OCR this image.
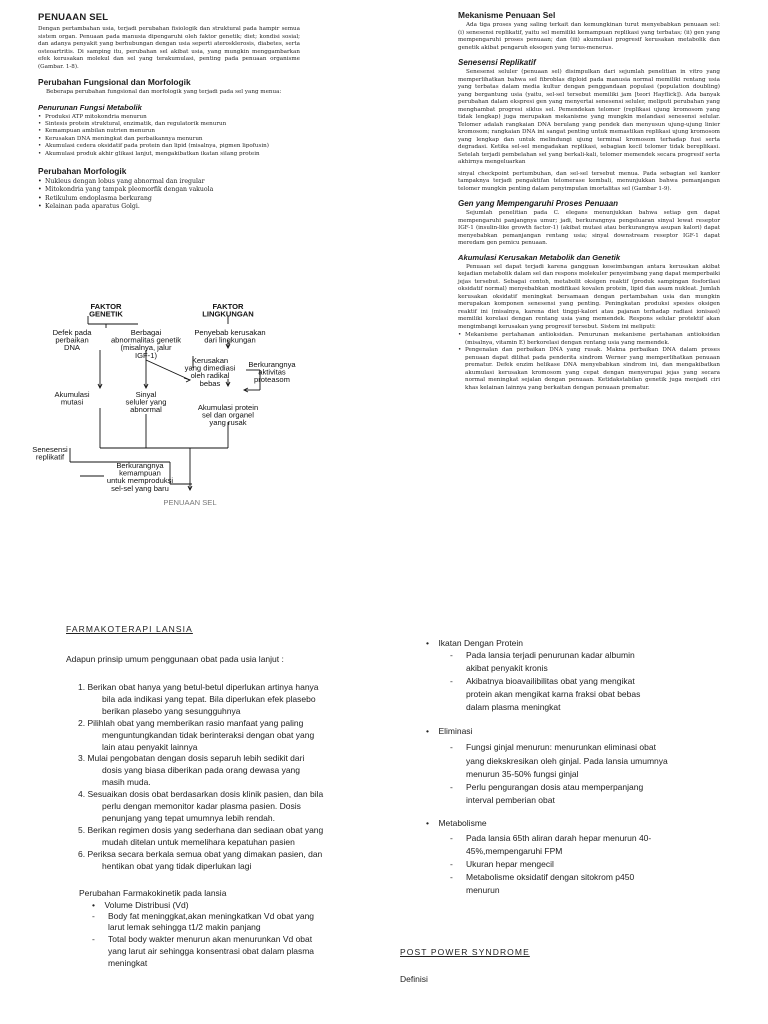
PENUAAN SEL
Dengan pertambahan usia, terjadi perubahan fisiologik dan struktural pada hampir semua sistem organ. Penuaan pada manusia dipengaruhi oleh faktor genetik; diet; kondisi sosial; dan adanya penyakit yang berhubungan dengan usia seperti aterosklerosis, diabetes, serta osteoartritis. Di samping itu, perubahan sel akibat usia, yang mungkin menggambarkan efek kerusakan molekul dan sel yang terakumulasi, penting pada penuaan organisme (Gambar. 1-8).
Perubahan Fungsional dan Morfologik
Beberapa perubahan fungsional dan morfologik yang terjadi pada sel yang menua:
Penurunan Fungsi Metabolik
• Produksi ATP mitokondria menurun
• Sintesis protein struktural, enzimatik, dan regulatorik menurun
• Kemampuan ambilan nutrien menurun
• Kerusakan DNA meningkat dan perbaikannya menurun
• Akumulasi cedera oksidatif pada protein dan lipid (misalnya, pigmen lipofusin)
• Akumulasi produk akhir glikasi lanjut, mengakibatkan ikatan silang protein
Perubahan Morfologik
• Nukleus dengan lobus yang abnormal dan iregular
• Mitokondria yang tampak pleomorfik dengan vakuola
• Retikulum endoplasma berkurang
• Kelainan pada aparatus Golgi.
FAKTOR GENETIK
FAKTOR LINGKUNGAN
Defek pada perbaikan DNA
Berbagai abnormalitas genetik (misalnya, jalur IGF-1)
Penyebab kerusakan dari lingkungan
Kerusakan yang dimediasi oleh radikal bebas
Berkurangnya aktivitas proteasom
Akumulasi mutasi
Sinyal seluler yang abnormal	Akumulasi protein sel dan organel yang rusak
Senesensi replikatif
Berkurangnya kemampuan untuk memproduksi sel-sel yang baru
PENUAAN SEL
Mekanisme Penuaan Sel
Ada tiga proses yang saling terkait dan kemungkinan turut menyebabkan penuaan sel: (i) senesensi replikatif, yaitu sel memiliki kemampuan replikasi yang terbatas; (ii) gen yang mempengaruhi proses penuaan; dan (iii) akumulasi progresif kerusakan metabolik dan genetik akibat pengaruh eksogen yang terus-menerus.
Senesensi Replikatif
Senesensi seluler (penuaan sel) disimpulkan dari sejumlah penelitian in vitro yang memperlihatkan bahwa sel fibroblas diploid pada manusia normal memiliki rentang usia yang terbatas dalam media kultur dengan penggandaan populasi (population doubling) yang bergantung usia (yaitu, sel-sel tersebut memiliki jam [teori Hayflick]). Ada banyak perubahan dalam ekspresi gen yang menyertai senesensi seluler, meliputi perubahan yang menghambat progresi siklus sel. Pemendekan telomer (replikasi ujung kromosom yang tidak lengkap) juga merupakan mekanisme yang mungkin melandasi senesensi selular. Telomer adalah rangkaian DNA berulang yang pendek dan menyusun ujung-ujung linier kromosom; rangkaian DNA ini sangat penting untuk memastikan replikasi ujung kromosom yang lengkap dan untuk melindungi ujung terminal kromosom terhadap fusi serta degradasi. Ketika sel-sel mengadakan replikasi, sebagian kecil telomer tidak bereplikasi. Setelah terjadi pembelahan sel yang berkali-kali, telomer memendek secara progresif serta akhirnya mengeluarkan
sinyal checkpoint pertumbuhan, dan sel-sel tersebut menua. Pada sebagian sel kanker tampaknya terjadi pengaktifan telomerase kembali, menunjukkan bahwa pemanjangan telomer mungkin penting dalam penyimpulan imortalitas sel (Gambar 1-9).
Gen yang Mempengaruhi Proses Penuaan
Sejumlah penelitian pada C. elegans menunjukkan bahwa setiap gen dapat mempengaruhi panjangnya umur; jadi, berkurangnya pengeluaran sinyal lewat reseptor IGF-1 (insulin-like growth factor-1) (akibat mutasi atau berkurangnya asupan kalori) dapat menyebabkan pemanjangan rentang usia; sinyal downstream reseptor IGF-1 dapat meredam gen pemicu penuaan.
Akumulasi Kerusakan Metabolik dan Genetik
Penuaan sel dapat terjadi karena gangguan keseimbangan antara kerusakan akibat kejadian metabolik dalam sel dan respons molekuler penyeimbang yang dapat memperbaiki jejas tersebut. Sebagai contoh, metabolit oksigen reaktif (produk sampingan fosforilasi oksidatif normal) menyebabkan modifikasi kovalen protein, lipid dan asam nukleat. Jumlah kerusakan oksidatif meningkat bersamaan dengan pertambahan usia dan mungkin merupakan komponen senesensi yang penting. Peningkatan produksi spesies oksigen reaktif ini (misalnya, karena diet tinggi-kalori atau pajanan terhadap radiasi ionisasi) memiliki korelasi dengan rentang usia yang memendek. Respons selular protektif akan mengimbangi kerusakan yang progresif tersebut. Sistem ini meliputi:
• Mekanisme pertahanan antioksidan. Penurunan mekanisme pertahanan antioksidan (misalnya, vitamin E) berkorelasi dengan rentang usia yang memendek.
• Pengenalan dan perbaikan DNA yang rusak. Makna perbaikan DNA dalam proses penuaan dapat dilihat pada penderita sindrom Werner yang memperlihatkan penuaan prematur. Defek enzim helikase DNA menyebabkan sindrom ini, dan mengakibatkan akumulasi kerusakan kromosom yang cepat dengan menyerupai jejas yang secara normal meningkat sejalan dengan penuaan. Ketidakstabilan genetik juga menjadi ciri khas kelainan lainnya yang berkaitan dengan penuaan prematur.
FARMAKOTERAPI LANSIA
Adapun prinsip umum penggunaan obat pada usia lanjut :
1. Berikan obat hanya yang betul-betul diperlukan artinya hanya
bila ada indikasi yang tepat. Bila diperlukan efek plasebo
berikan plasebo yang sesungguhnya
2. Pilihlah obat yang memberikan rasio manfaat yang paling
menguntungkandan tidak berinteraksi dengan obat yang
lain atau penyakit lainnya
3. Mulai pengobatan dengan dosis separuh lebih sedikit dari
dosis yang biasa diberikan pada orang dewasa yang
masih muda.
4. Sesuaikan dosis obat berdasarkan dosis klinik pasien, dan bila
perlu dengan memonitor kadar plasma pasien. Dosis
penunjang yang tepat umumnya lebih rendah.
5. Berikan regimen dosis yang sederhana dan sediaan obat yang
mudah ditelan untuk memelihara kepatuhan pasien
6. Periksa secara berkala semua obat yang dimakan pasien, dan
hentikan obat yang tidak diperlukan lagi
Perubahan Farmakokinetik pada lansia
•    Volume Distribusi (Vd)
- Body fat meninggkat,akan meningkatkan Vd obat yang
larut lemak sehingga t1/2 makin panjang
- Total body wakter menurun akan menurunkan Vd obat
yang larut air sehingga konsentrasi obat dalam plasma
meningkat
• Ikatan Dengan Protein
- Pada lansia terjadi penurunan kadar albumin
akibat penyakit kronis
- Akibatnya bioavailibilitas obat yang mengikat
protein akan mengikat karna fraksi obat bebas
dalam plasma meningkat
• Eliminasi
- Fungsi ginjal menurun: menurunkan eliminasi obat
yang diekskresikan oleh ginjal. Pada lansia umumnya
menurun 35-50% fungsi ginjal
- Perlu pengurangan dosis atau memperpanjang
interval pemberian obat
• Metabolisme
- Pada lansia 65th aliran darah hepar menurun 40-
45%,mempengaruhi FPM
- Ukuran hepar mengecil
- Metabolisme oksidatif dengan sitokrom p450
menurun
POST POWER SYNDROME
Definisi
